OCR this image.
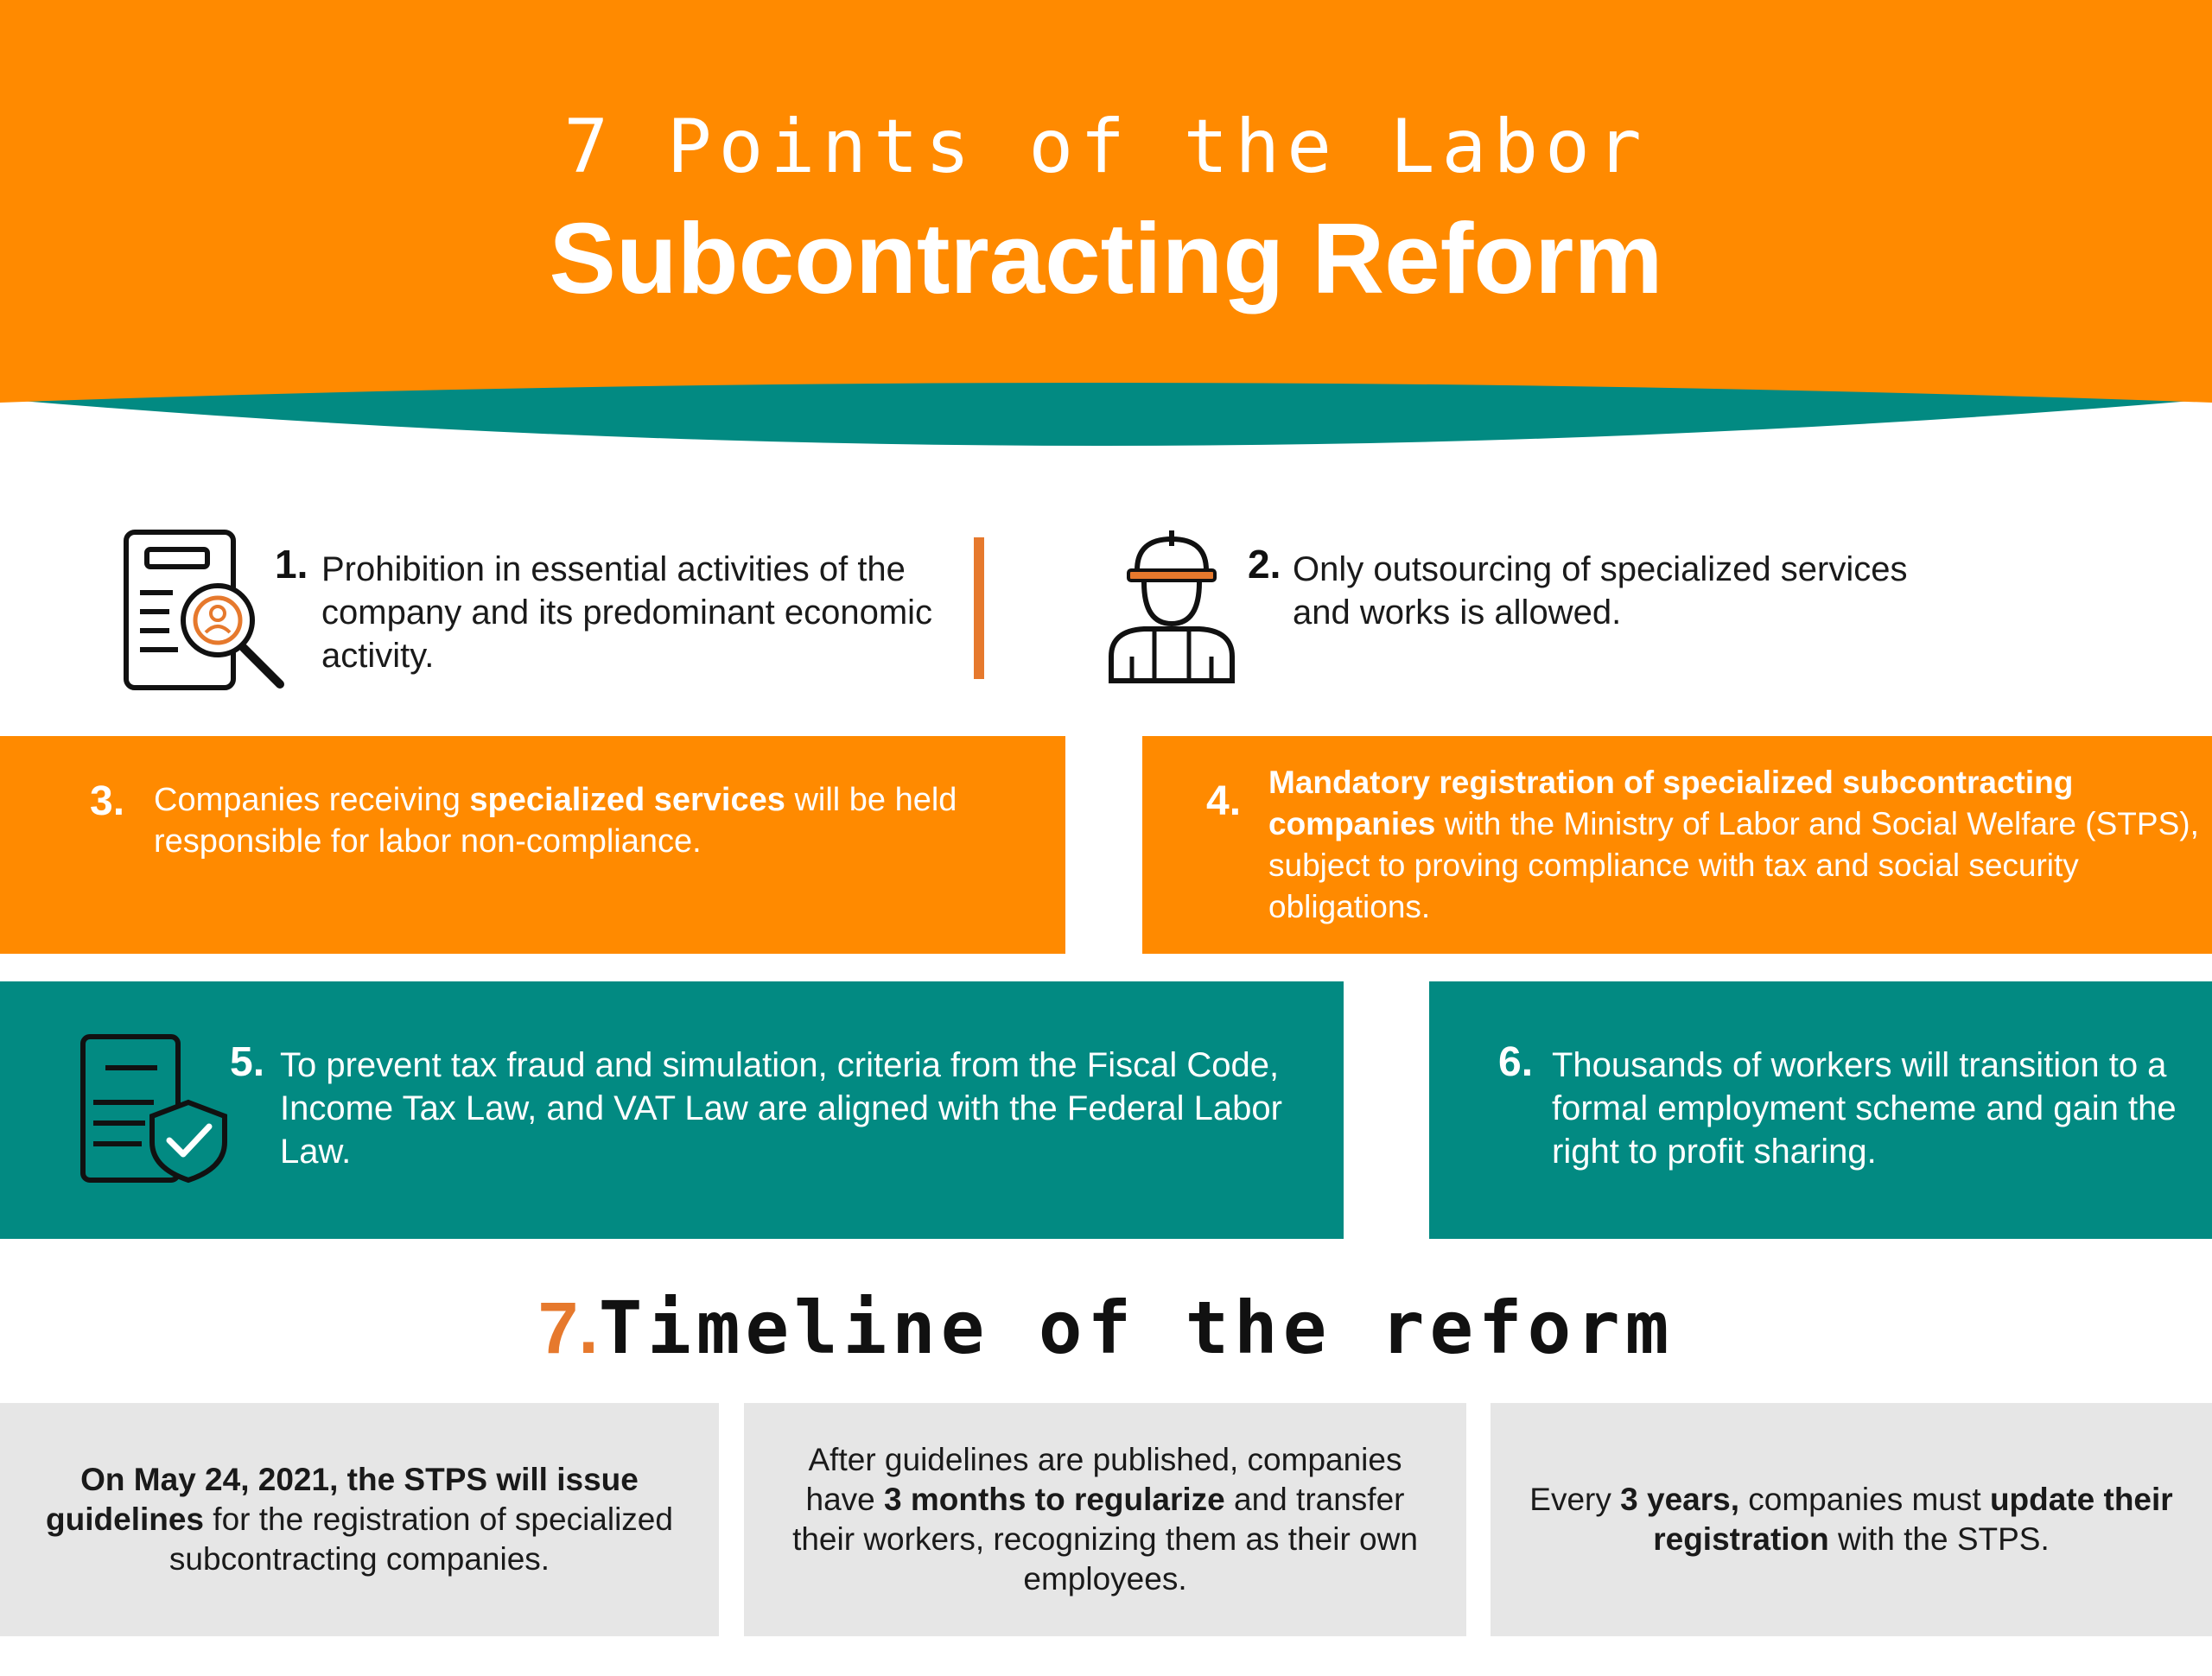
7 Points of the Labor
Subcontracting Reform
1. Prohibition in essential activities of the company and its predominant economic activity.
2. Only outsourcing of specialized services and works is allowed.
3. Companies receiving specialized services will be held responsible for labor non-compliance.
4. Mandatory registration of specialized subcontracting companies with the Ministry of Labor and Social Welfare (STPS), subject to proving compliance with tax and social security obligations.
5. To prevent tax fraud and simulation, criteria from the Fiscal Code, Income Tax Law, and VAT Law are aligned with the Federal Labor Law.
6. Thousands of workers will transition to a formal employment scheme and gain the right to profit sharing.
7.Timeline of the reform

On May 24, 2021, the STPS will issue guidelines for the registration of specialized subcontracting companies.

After guidelines are published, companies have 3 months to regularize and transfer their workers, recognizing them as their own employees.

Every 3 years, companies must update their registration with the STPS.
